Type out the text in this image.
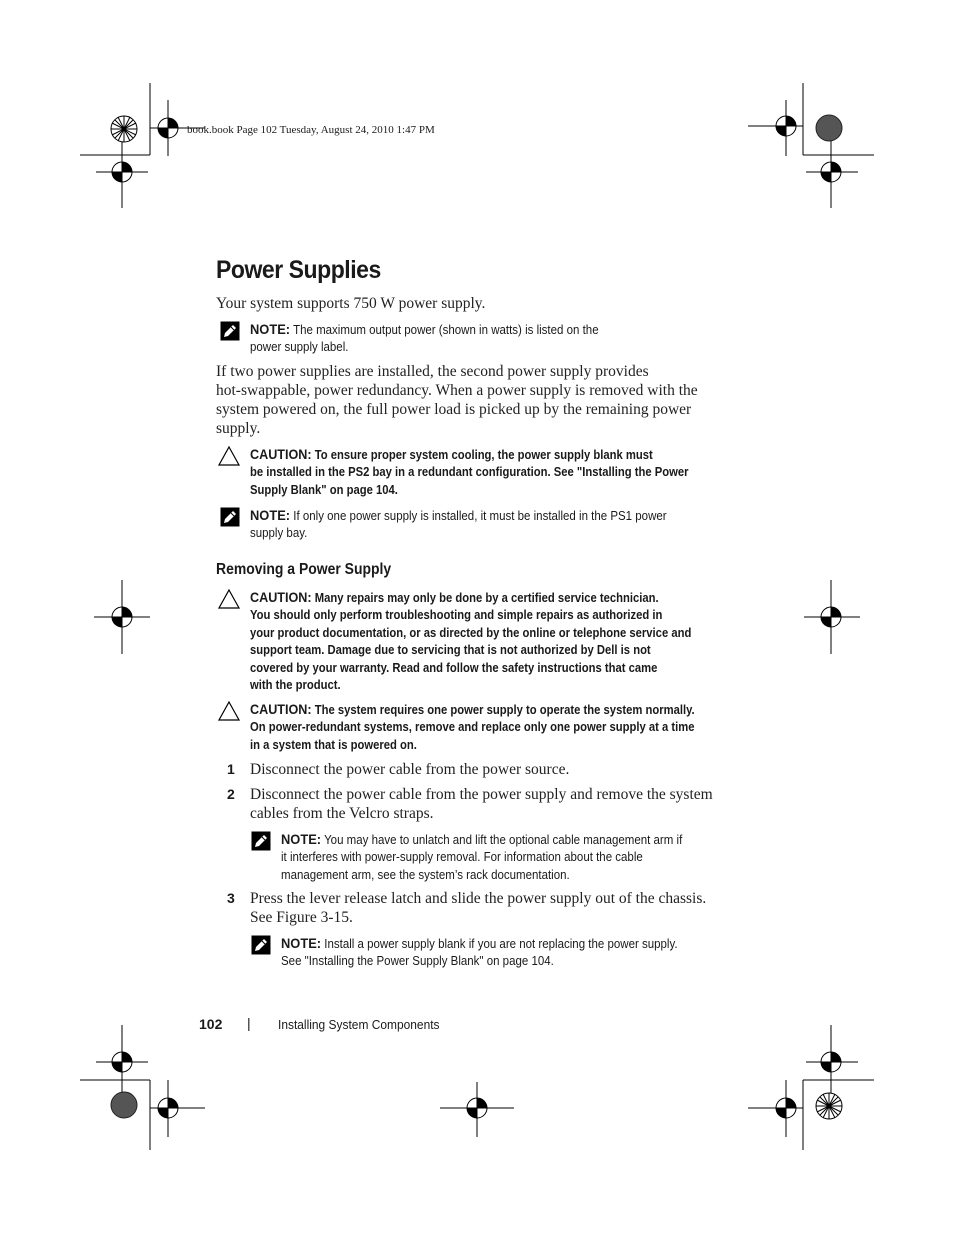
book.book Page 102 Tuesday, August 24, 2010 1:47 PM
Power Supplies
Your system supports 750 W power supply.
NOTE: The maximum output power (shown in watts) is listed on the
power supply label.
If two power supplies are installed, the second power supply provides
hot-swappable, power redundancy. When a power supply is removed with the
system powered on, the full power load is picked up by the remaining power
supply.
CAUTION: To ensure proper system cooling, the power supply blank must
be installed in the PS2 bay in a redundant configuration. See "Installing the Power
Supply Blank" on page 104.
NOTE: If only one power supply is installed, it must be installed in the PS1 power
supply bay.
Removing a Power Supply
CAUTION: Many repairs may only be done by a certified service technician.
You should only perform troubleshooting and simple repairs as authorized in
your product documentation, or as directed by the online or telephone service and
support team. Damage due to servicing that is not authorized by Dell is not
covered by your warranty. Read and follow the safety instructions that came
with the product.
CAUTION: The system requires one power supply to operate the system normally.
On power-redundant systems, remove and replace only one power supply at a time
in a system that is powered on.
1 Disconnect the power cable from the power source.
2 Disconnect the power cable from the power supply and remove the system
cables from the Velcro straps.
NOTE: You may have to unlatch and lift the optional cable management arm if
it interferes with power-supply removal. For information about the cable
management arm, see the system’s rack documentation.
3 Press the lever release latch and slide the power supply out of the chassis.
See Figure 3-15.
NOTE: Install a power supply blank if you are not replacing the power supply.
See "Installing the Power Supply Blank" on page 104.
102 | Installing System Components
